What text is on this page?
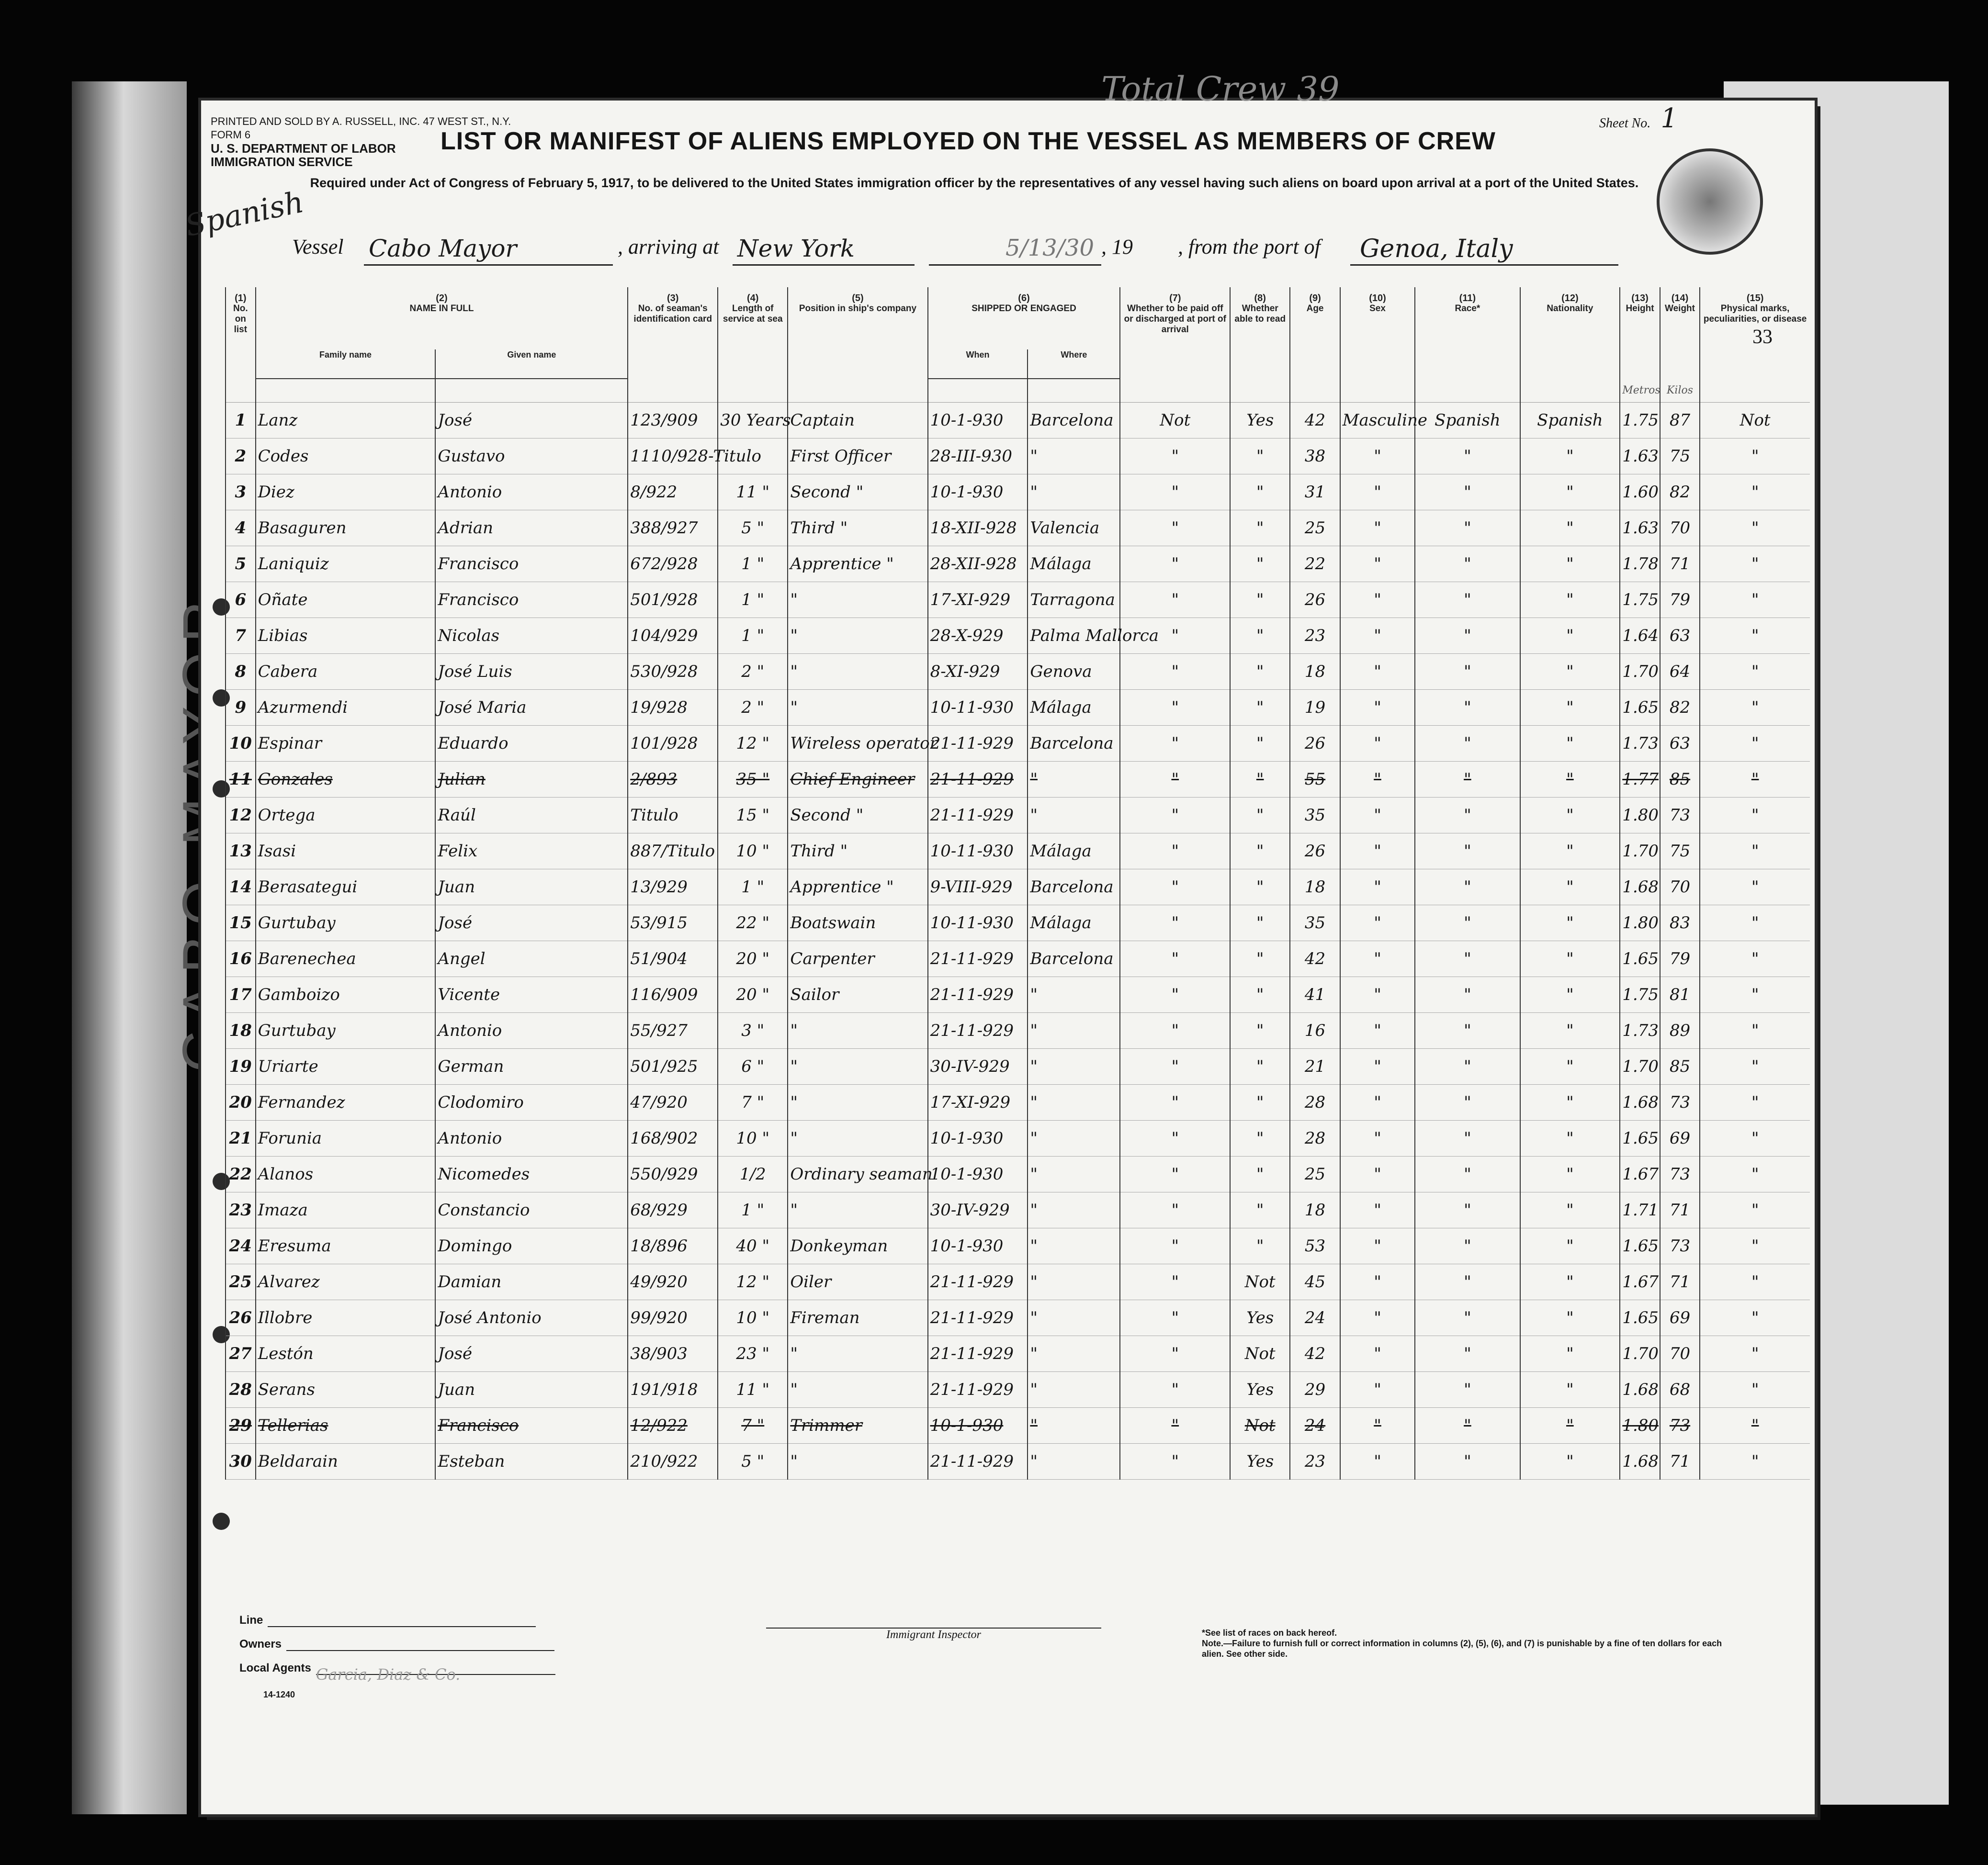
PRINTED AND SOLD BY A. RUSSELL, INC. 47 WEST ST., N.Y.
FORM 6
U. S. DEPARTMENT OF LABOR
IMMIGRATION SERVICE
Total Crew 39
LIST OR MANIFEST OF ALIENS EMPLOYED ON THE VESSEL AS MEMBERS OF CREW
Sheet No. 1
Required under Act of Congress of February 5, 1917, to be delivered to the United States immigration officer by the representatives of any vessel having such aliens on board upon arrival at a port of the United States.
Spanish
Vessel Cabo Mayor	, arriving at New York	5/13/30 , 19 , from the port of Genoa, Italy
33
(1)	(2)		(3)	(4)	(5)	(6)		(7)	(8)	(9)	(10)	(11)	(12)	(13)	(14)	(15)
No. on list	NAME IN FULL		No. of seaman's identification card	Length of service at sea	Position in ship's company	SHIPPED OR ENGAGED		Whether to be paid off or discharged at port of arrival	Whether able to read	Age	Sex	Race*	Nationality	Height	Weight	Physical marks, peculiarities, or disease
	Family name	Given name				When	Where									
														Metros	Kilos	
1	Lanz	José	123/909	30 Years	Captain	10-1-930	Barcelona	Not	Yes	42	Masculine	Spanish	Spanish	1.75	87	Not
2	Codes	Gustavo	1110/928-Titulo		First Officer	28-III-930	"	"	"	38	"	"	"	1.63	75	"
3	Diez	Antonio	8/922	11 "	Second "	10-1-930	"	"	"	31	"	"	"	1.60	82	"
4	Basaguren	Adrian	388/927	5 "	Third "	18-XII-928	Valencia	"	"	25	"	"	"	1.63	70	"
5	Laniquiz	Francisco	672/928	1 "	Apprentice "	28-XII-928	Málaga	"	"	22	"	"	"	1.78	71	"
6	Oñate	Francisco	501/928	1 "	"	17-XI-929	Tarragona	"	"	26	"	"	"	1.75	79	"
7	Libias	Nicolas	104/929	1 "	"	28-X-929	Palma Mallorca	"	"	23	"	"	"	1.64	63	"
8	Cabera	José Luis	530/928	2 "	"	8-XI-929	Genova	"	"	18	"	"	"	1.70	64	"
9	Azurmendi	José Maria	19/928	2 "	"	10-11-930	Málaga	"	"	19	"	"	"	1.65	82	"
10	Espinar	Eduardo	101/928	12 "	Wireless operator	21-11-929	Barcelona	"	"	26	"	"	"	1.73	63	"
11	Gonzales	Julian	2/893	35 "	Chief Engineer	21-11-929	"	"	"	55	"	"	"	1.77	85	"
12	Ortega	Raúl	Titulo	15 "	Second "	21-11-929	"	"	"	35	"	"	"	1.80	73	"
13	Isasi	Felix	887/Titulo	10 "	Third "	10-11-930	Málaga	"	"	26	"	"	"	1.70	75	"
14	Berasategui	Juan	13/929	1 "	Apprentice "	9-VIII-929	Barcelona	"	"	18	"	"	"	1.68	70	"
15	Gurtubay	José	53/915	22 "	Boatswain	10-11-930	Málaga	"	"	35	"	"	"	1.80	83	"
16	Barenechea	Angel	51/904	20 "	Carpenter	21-11-929	Barcelona	"	"	42	"	"	"	1.65	79	"
17	Gamboizo	Vicente	116/909	20 "	Sailor	21-11-929	"	"	"	41	"	"	"	1.75	81	"
18	Gurtubay	Antonio	55/927	3 "	"	21-11-929	"	"	"	16	"	"	"	1.73	89	"
19	Uriarte	German	501/925	6 "	"	30-IV-929	"	"	"	21	"	"	"	1.70	85	"
20	Fernandez	Clodomiro	47/920	7 "	"	17-XI-929	"	"	"	28	"	"	"	1.68	73	"
21	Forunia	Antonio	168/902	10 "	"	10-1-930	"	"	"	28	"	"	"	1.65	69	"
22	Alanos	Nicomedes	550/929	1/2	Ordinary seaman	10-1-930	"	"	"	25	"	"	"	1.67	73	"
23	Imaza	Constancio	68/929	1 "	"	30-IV-929	"	"	"	18	"	"	"	1.71	71	"
24	Eresuma	Domingo	18/896	40 "	Donkeyman	10-1-930	"	"	"	53	"	"	"	1.65	73	"
25	Alvarez	Damian	49/920	12 "	Oiler	21-11-929	"	"	Not	45	"	"	"	1.67	71	"
26	Illobre	José Antonio	99/920	10 "	Fireman	21-11-929	"	"	Yes	24	"	"	"	1.65	69	"
27	Lestón	José	38/903	23 "	"	21-11-929	"	"	Not	42	"	"	"	1.70	70	"
28	Serans	Juan	191/918	11 "	"	21-11-929	"	"	Yes	29	"	"	"	1.68	68	"
29	Tellerias	Francisco	12/922	7 "	Trimmer	10-1-930	"	"	Not	24	"	"	"	1.80	73	"
30	Beldarain	Esteban	210/922	5 "	"	21-11-929	"	"	Yes	23	"	"	"	1.68	71	"
Line
Owners
Local Agents Garcia, Diaz & Co.
Immigrant Inspector	*See list of races on back hereof.
Note.—Failure to furnish full or correct information in columns (2), (5), (6), and (7) is punishable by a fine of ten dollars for each alien. See other side.
14-1240
